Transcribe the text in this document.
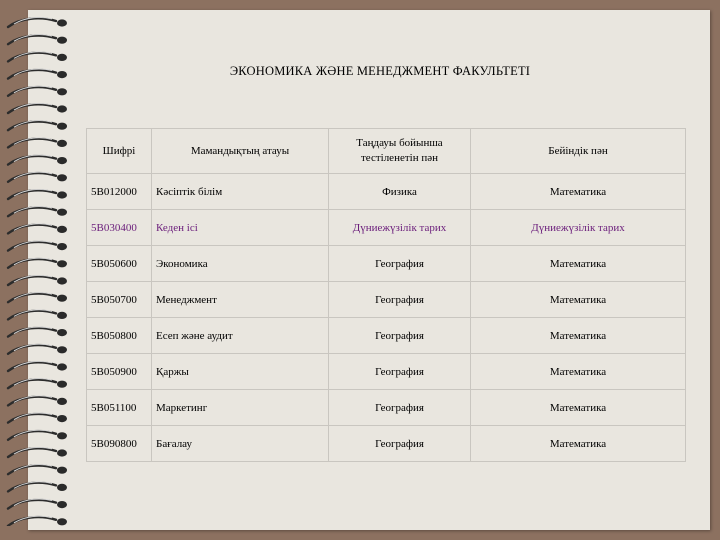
ЭКОНОМИКА ЖӘНЕ МЕНЕДЖМЕНТ ФАКУЛЬТЕТІ
Шифрі	Мамандықтың атауы	Таңдауы бойынша тестіленетін пән	Бейіндік пән
5В012000	Кәсіптік білім	Физика	Математика
5В030400	Кеден ісі	Дүниежүзілік тарих	Дүниежүзілік тарих
5В050600	Экономика	География	Математика
5В050700	Менеджмент	География	Математика
5В050800	Есеп және аудит	География	Математика
5В050900	Қаржы	География	Математика
5В051100	Маркетинг	География	Математика
5В090800	Бағалау	География	Математика
